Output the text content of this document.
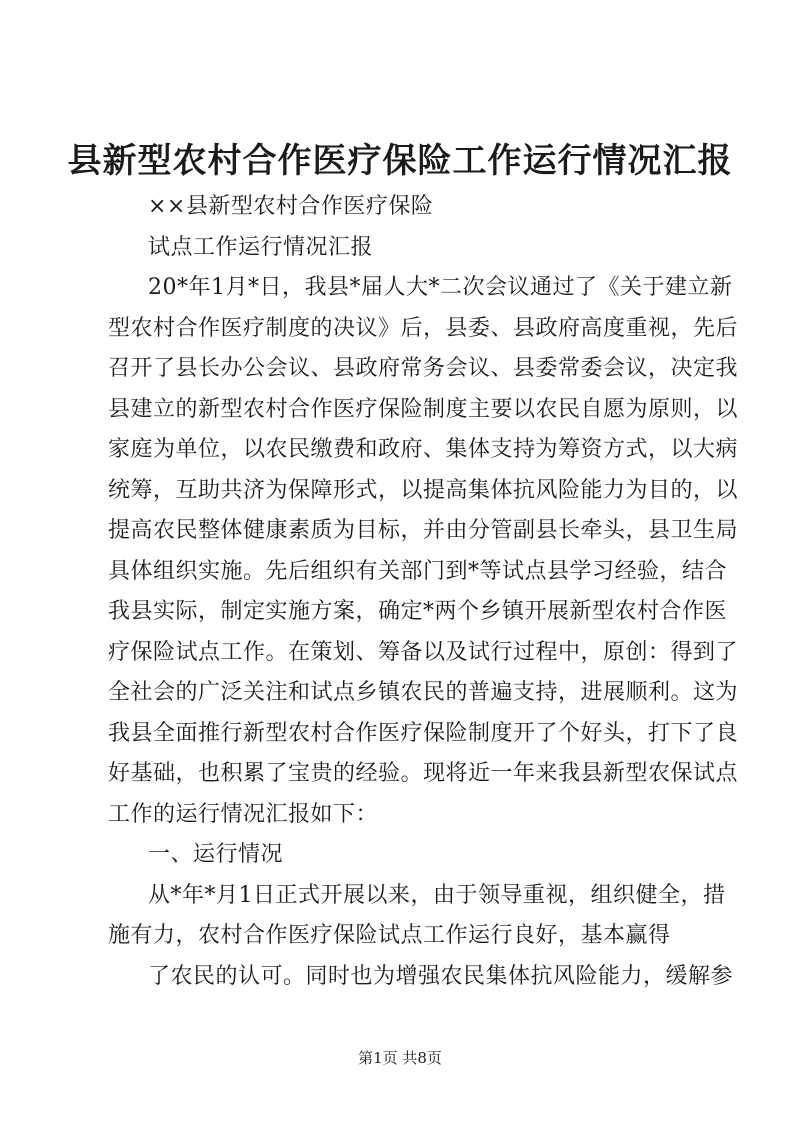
县新型农村合作医疗保险工作运行情况汇报
××县新型农村合作医疗保险
试点工作运行情况汇报
20*年1月*日，我县*届人大*二次会议通过了《关于建立新
型农村合作医疗制度的决议》后，县委、县政府高度重视，先后
召开了县长办公会议、县政府常务会议、县委常委会议，决定我
县建立的新型农村合作医疗保险制度主要以农民自愿为原则，以
家庭为单位，以农民缴费和政府、集体支持为筹资方式，以大病
统筹，互助共济为保障形式，以提高集体抗风险能力为目的，以
提高农民整体健康素质为目标，并由分管副县长牵头，县卫生局
具体组织实施。先后组织有关部门到*等试点县学习经验，结合
我县实际，制定实施方案，确定*两个乡镇开展新型农村合作医
疗保险试点工作。在策划、筹备以及试行过程中，原创：得到了
全社会的广泛关注和试点乡镇农民的普遍支持，进展顺利。这为
我县全面推行新型农村合作医疗保险制度开了个好头，打下了良
好基础，也积累了宝贵的经验。现将近一年来我县新型农保试点
工作的运行情况汇报如下：
一、运行情况
从*年*月1日正式开展以来，由于领导重视，组织健全，措
施有力，农村合作医疗保险试点工作运行良好，基本赢得
了农民的认可。同时也为增强农民集体抗风险能力，缓解参
第1页 共8页
